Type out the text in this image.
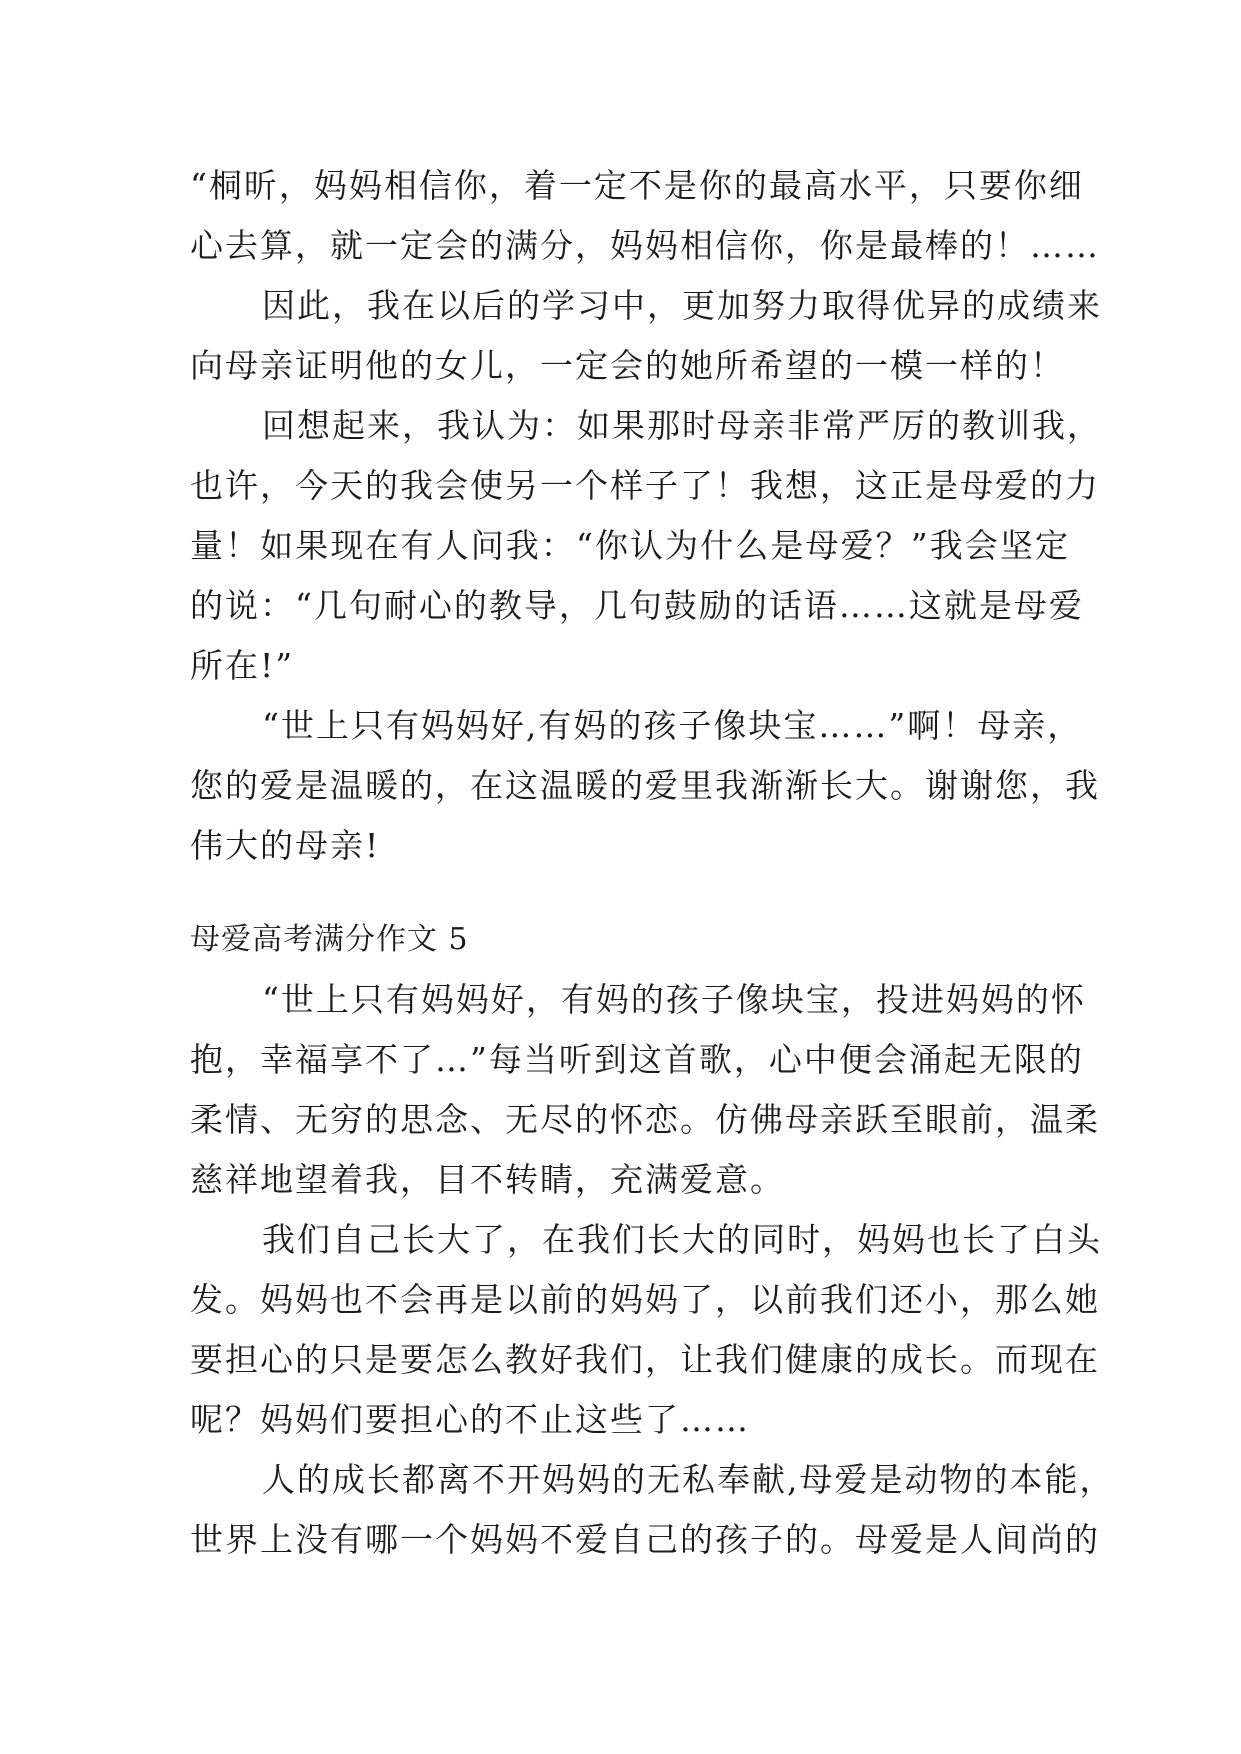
“桐昕，妈妈相信你，着一定不是你的最高水平，只要你细
心去算，就一定会的满分，妈妈相信你，你是最棒的！……
因此，我在以后的学习中，更加努力取得优异的成绩来
向母亲证明他的女儿，一定会的她所希望的一模一样的！
回想起来，我认为：如果那时母亲非常严厉的教训我，
也许，今天的我会使另一个样子了！我想，这正是母爱的力
量！如果现在有人问我：“你认为什么是母爱？”我会坚定
的说：“几句耐心的教导，几句鼓励的话语……这就是母爱
所在!”
“世上只有妈妈好,有妈的孩子像块宝……”啊！母亲，
您的爱是温暖的，在这温暖的爱里我渐渐长大。谢谢您，我
伟大的母亲!
母爱高考满分作文 5
“世上只有妈妈好，有妈的孩子像块宝，投进妈妈的怀
抱，幸福享不了…”每当听到这首歌，心中便会涌起无限的
柔情、无穷的思念、无尽的怀恋。仿佛母亲跃至眼前，温柔
慈祥地望着我，目不转睛，充满爱意。
我们自己长大了，在我们长大的同时，妈妈也长了白头
发。妈妈也不会再是以前的妈妈了，以前我们还小，那么她
要担心的只是要怎么教好我们，让我们健康的成长。而现在
呢？妈妈们要担心的不止这些了……
人的成长都离不开妈妈的无私奉献,母爱是动物的本能，
世界上没有哪一个妈妈不爱自己的孩子的。母爱是人间尚的
